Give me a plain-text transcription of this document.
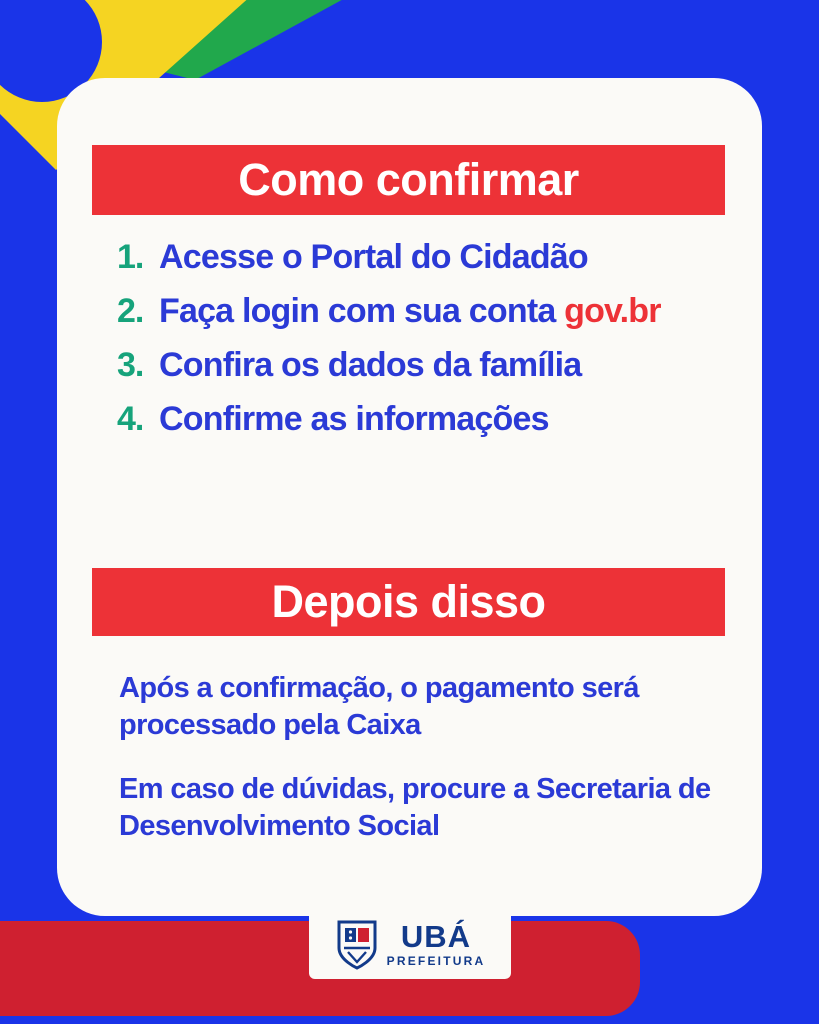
Como confirmar
1. Acesse o Portal do Cidadão
2. Faça login com sua conta gov.br
3. Confira os dados da família
4. Confirme as informações
Depois disso
Após a confirmação, o pagamento será processado pela Caixa
Em caso de dúvidas, procure a Secretaria de Desenvolvimento Social
UBÁ
PREFEITURA
